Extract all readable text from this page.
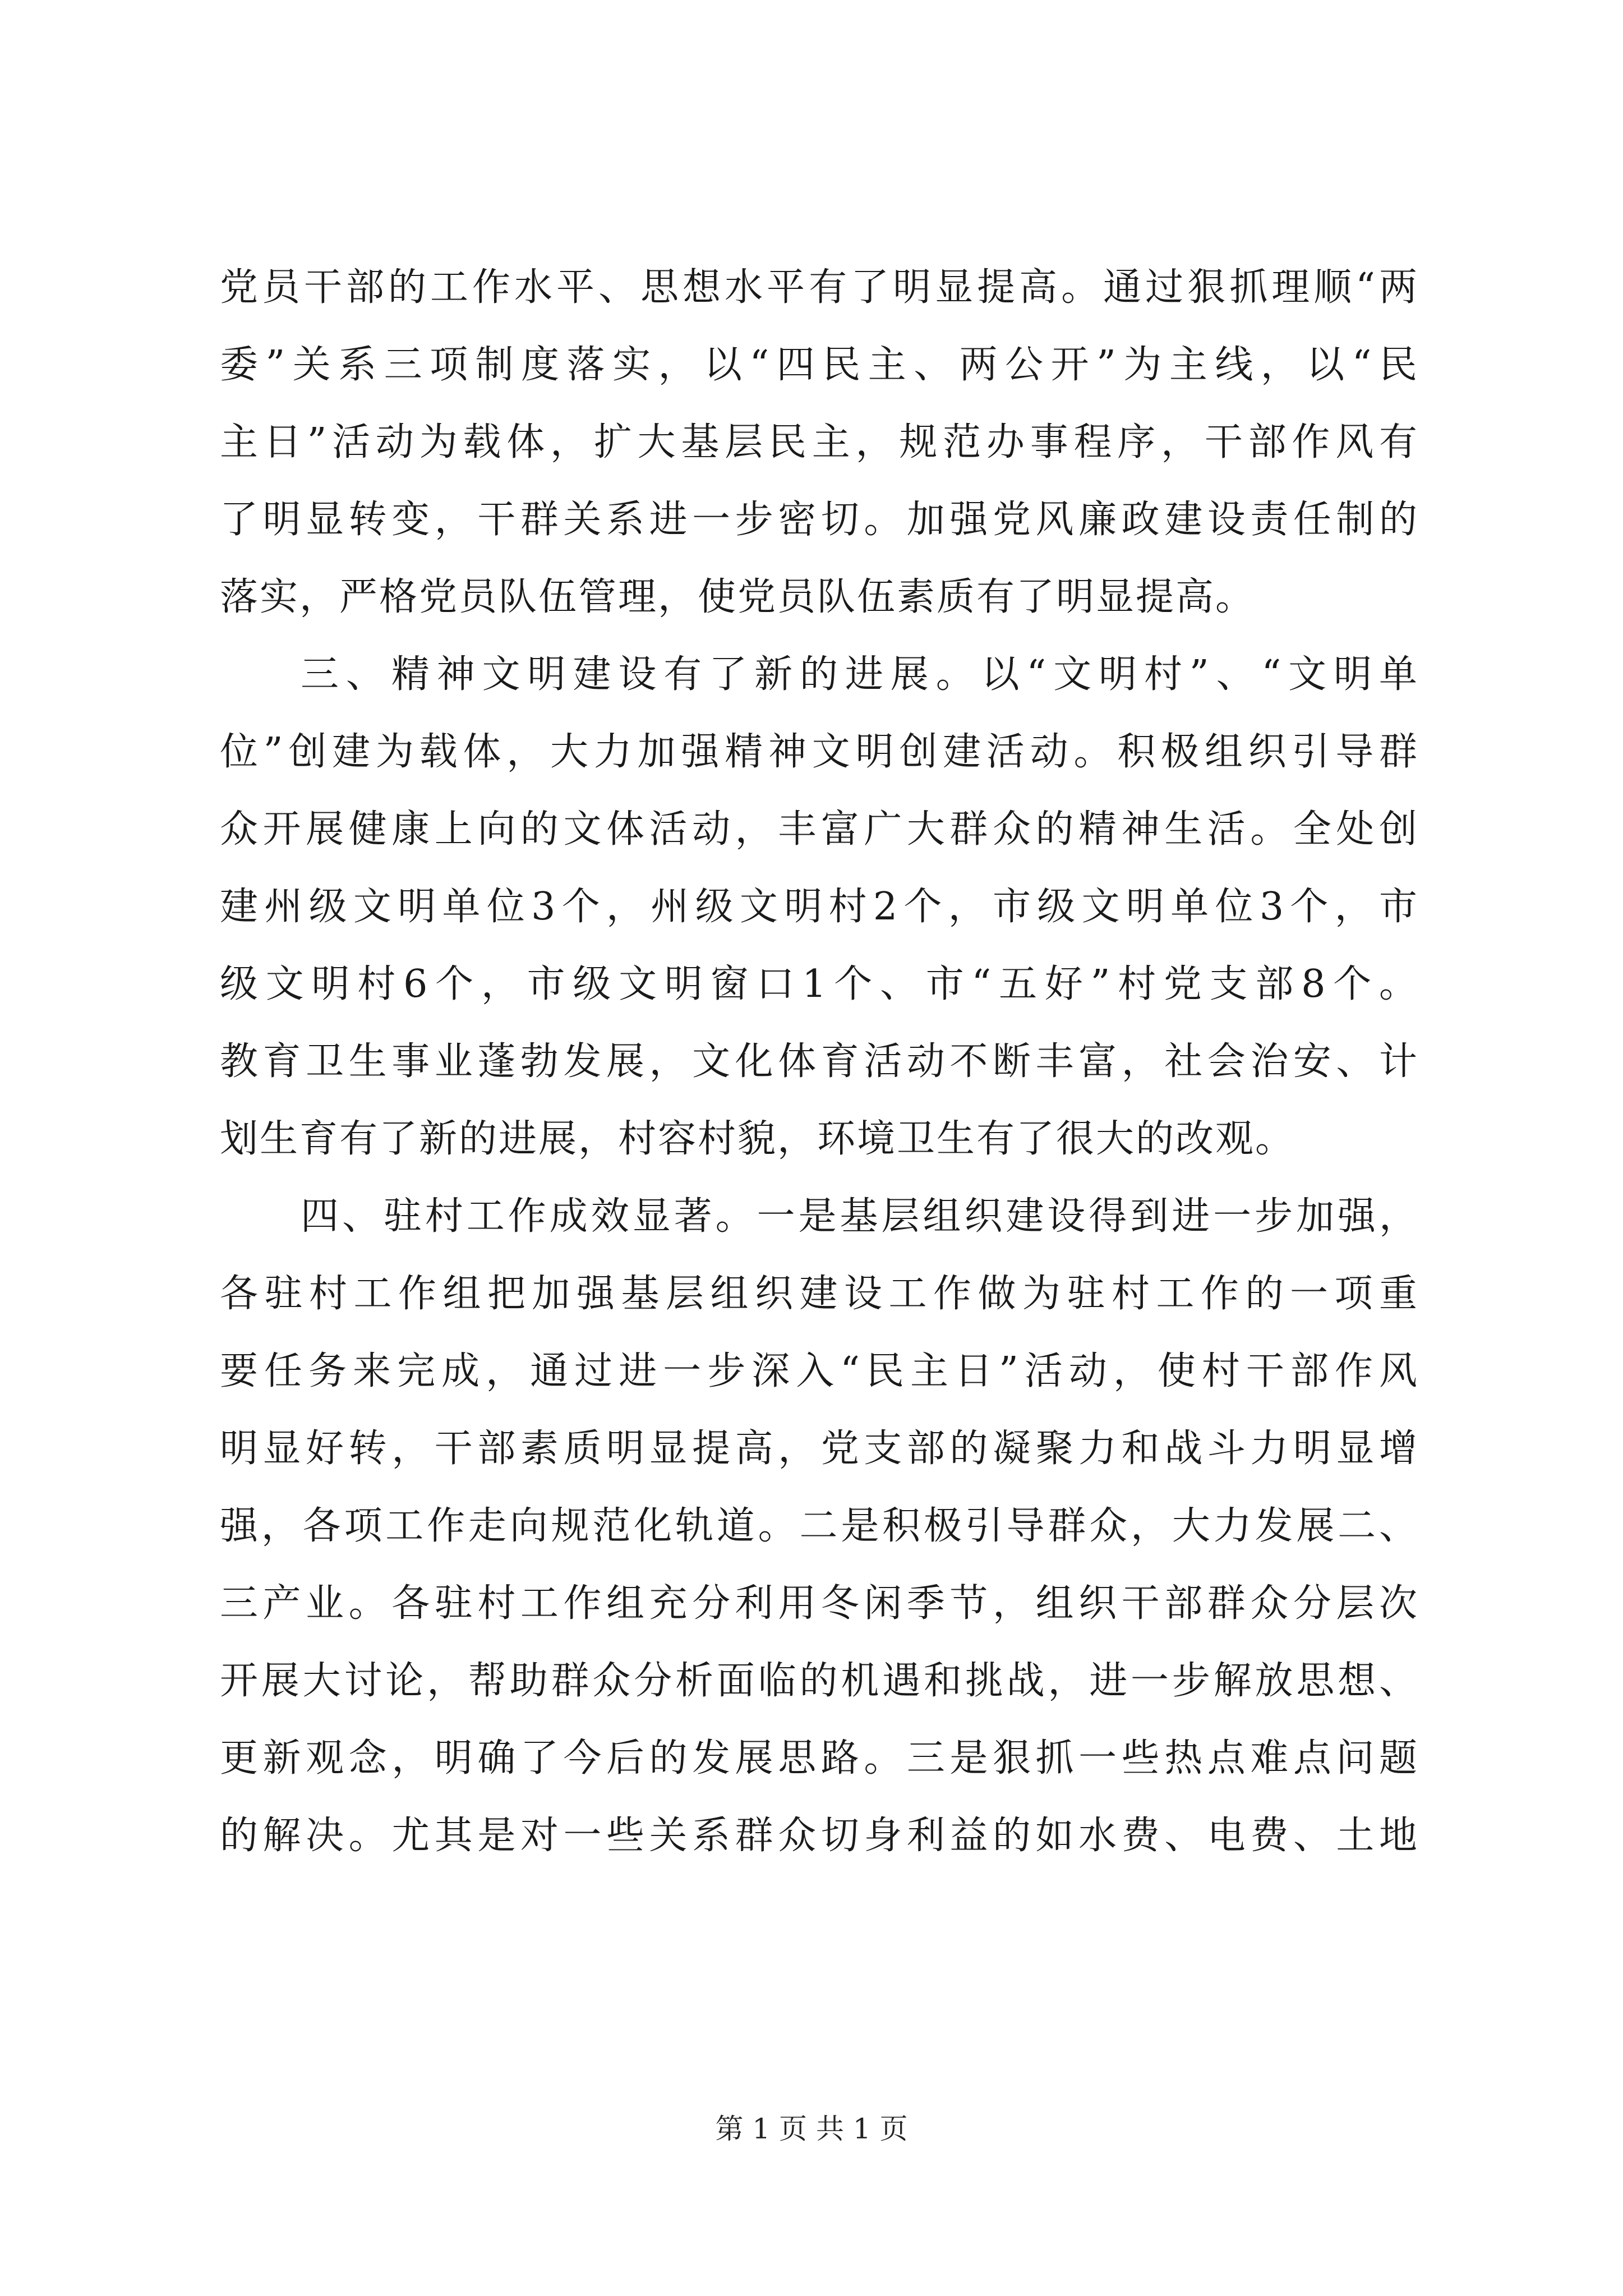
党员干部的工作水平、思想水平有了明显提高。通过狠抓理顺“两
委”关系三项制度落实，以“四民主、两公开”为主线，以“民
主日”活动为载体，扩大基层民主，规范办事程序，干部作风有
了明显转变，干群关系进一步密切。加强党风廉政建设责任制的
落实，严格党员队伍管理，使党员队伍素质有了明显提高。
三、精神文明建设有了新的进展。以“文明村”、“文明单
位”创建为载体，大力加强精神文明创建活动。积极组织引导群
众开展健康上向的文体活动，丰富广大群众的精神生活。全处创
建州级文明单位3个，州级文明村2个，市级文明单位3个，市
级文明村6个，市级文明窗口1个、市“五好”村党支部8个。
教育卫生事业蓬勃发展，文化体育活动不断丰富，社会治安、计
划生育有了新的进展，村容村貌，环境卫生有了很大的改观。
四、驻村工作成效显著。一是基层组织建设得到进一步加强，
各驻村工作组把加强基层组织建设工作做为驻村工作的一项重
要任务来完成，通过进一步深入“民主日”活动，使村干部作风
明显好转，干部素质明显提高，党支部的凝聚力和战斗力明显增
强，各项工作走向规范化轨道。二是积极引导群众，大力发展二、
三产业。各驻村工作组充分利用冬闲季节，组织干部群众分层次
开展大讨论，帮助群众分析面临的机遇和挑战，进一步解放思想、
更新观念，明确了今后的发展思路。三是狠抓一些热点难点问题
的解决。尤其是对一些关系群众切身利益的如水费、电费、土地
第 1 页 共 1 页
